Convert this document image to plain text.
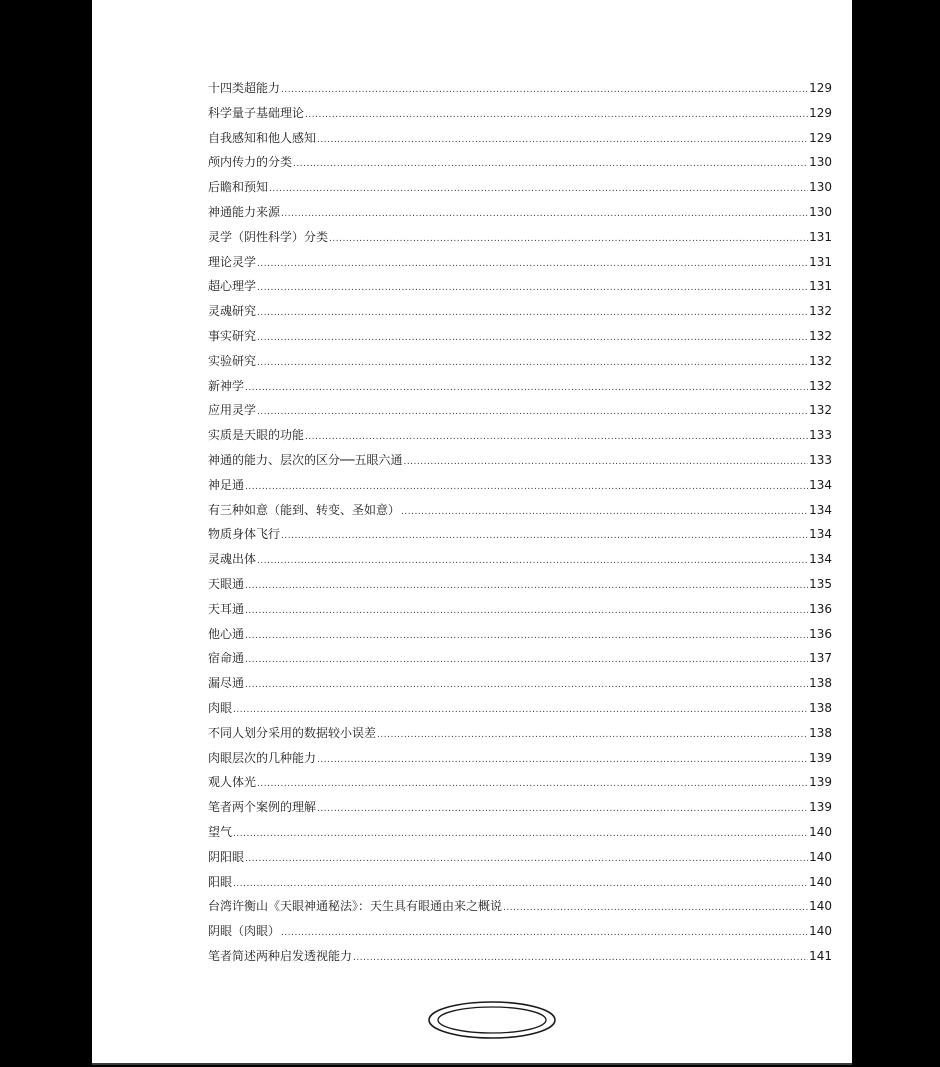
十四类超能力 .....	129
科学量子基础理论 .....	129
自我感知和他人感知 .....	129
颅内传力的分类 .....	130
后瞻和预知 .....	130
神通能力来源 .....	130
灵学（阴性科学）分类 .....	131
理论灵学 .....	131
超心理学 .....	131
灵魂研究 .....	132
事实研究 .....	132
实验研究 .....	132
新神学 .....	132
应用灵学 .....	132
实质是天眼的功能 .....	133
神通的能力、层次的区分──五眼六通 .....	133
神足通 .....	134
有三种如意（能到、转变、圣如意） .....	134
物质身体飞行 .....	134
灵魂出体 .....	134
天眼通 .....	135
天耳通 .....	136
他心通 .....	136
宿命通 .....	137
漏尽通 .....	138
肉眼 .....	138
不同人划分采用的数据较小误差 .....	138
肉眼层次的几种能力 .....	139
观人体光 .....	139
笔者两个案例的理解 .....	139
望气 .....	140
阴阳眼 .....	140
阳眼 .....	140
台湾许衡山《天眼神通秘法》：天生具有眼通由来之概说 .....	140
阴眼（肉眼） .....	140
笔者简述两种启发透视能力 .....	141
